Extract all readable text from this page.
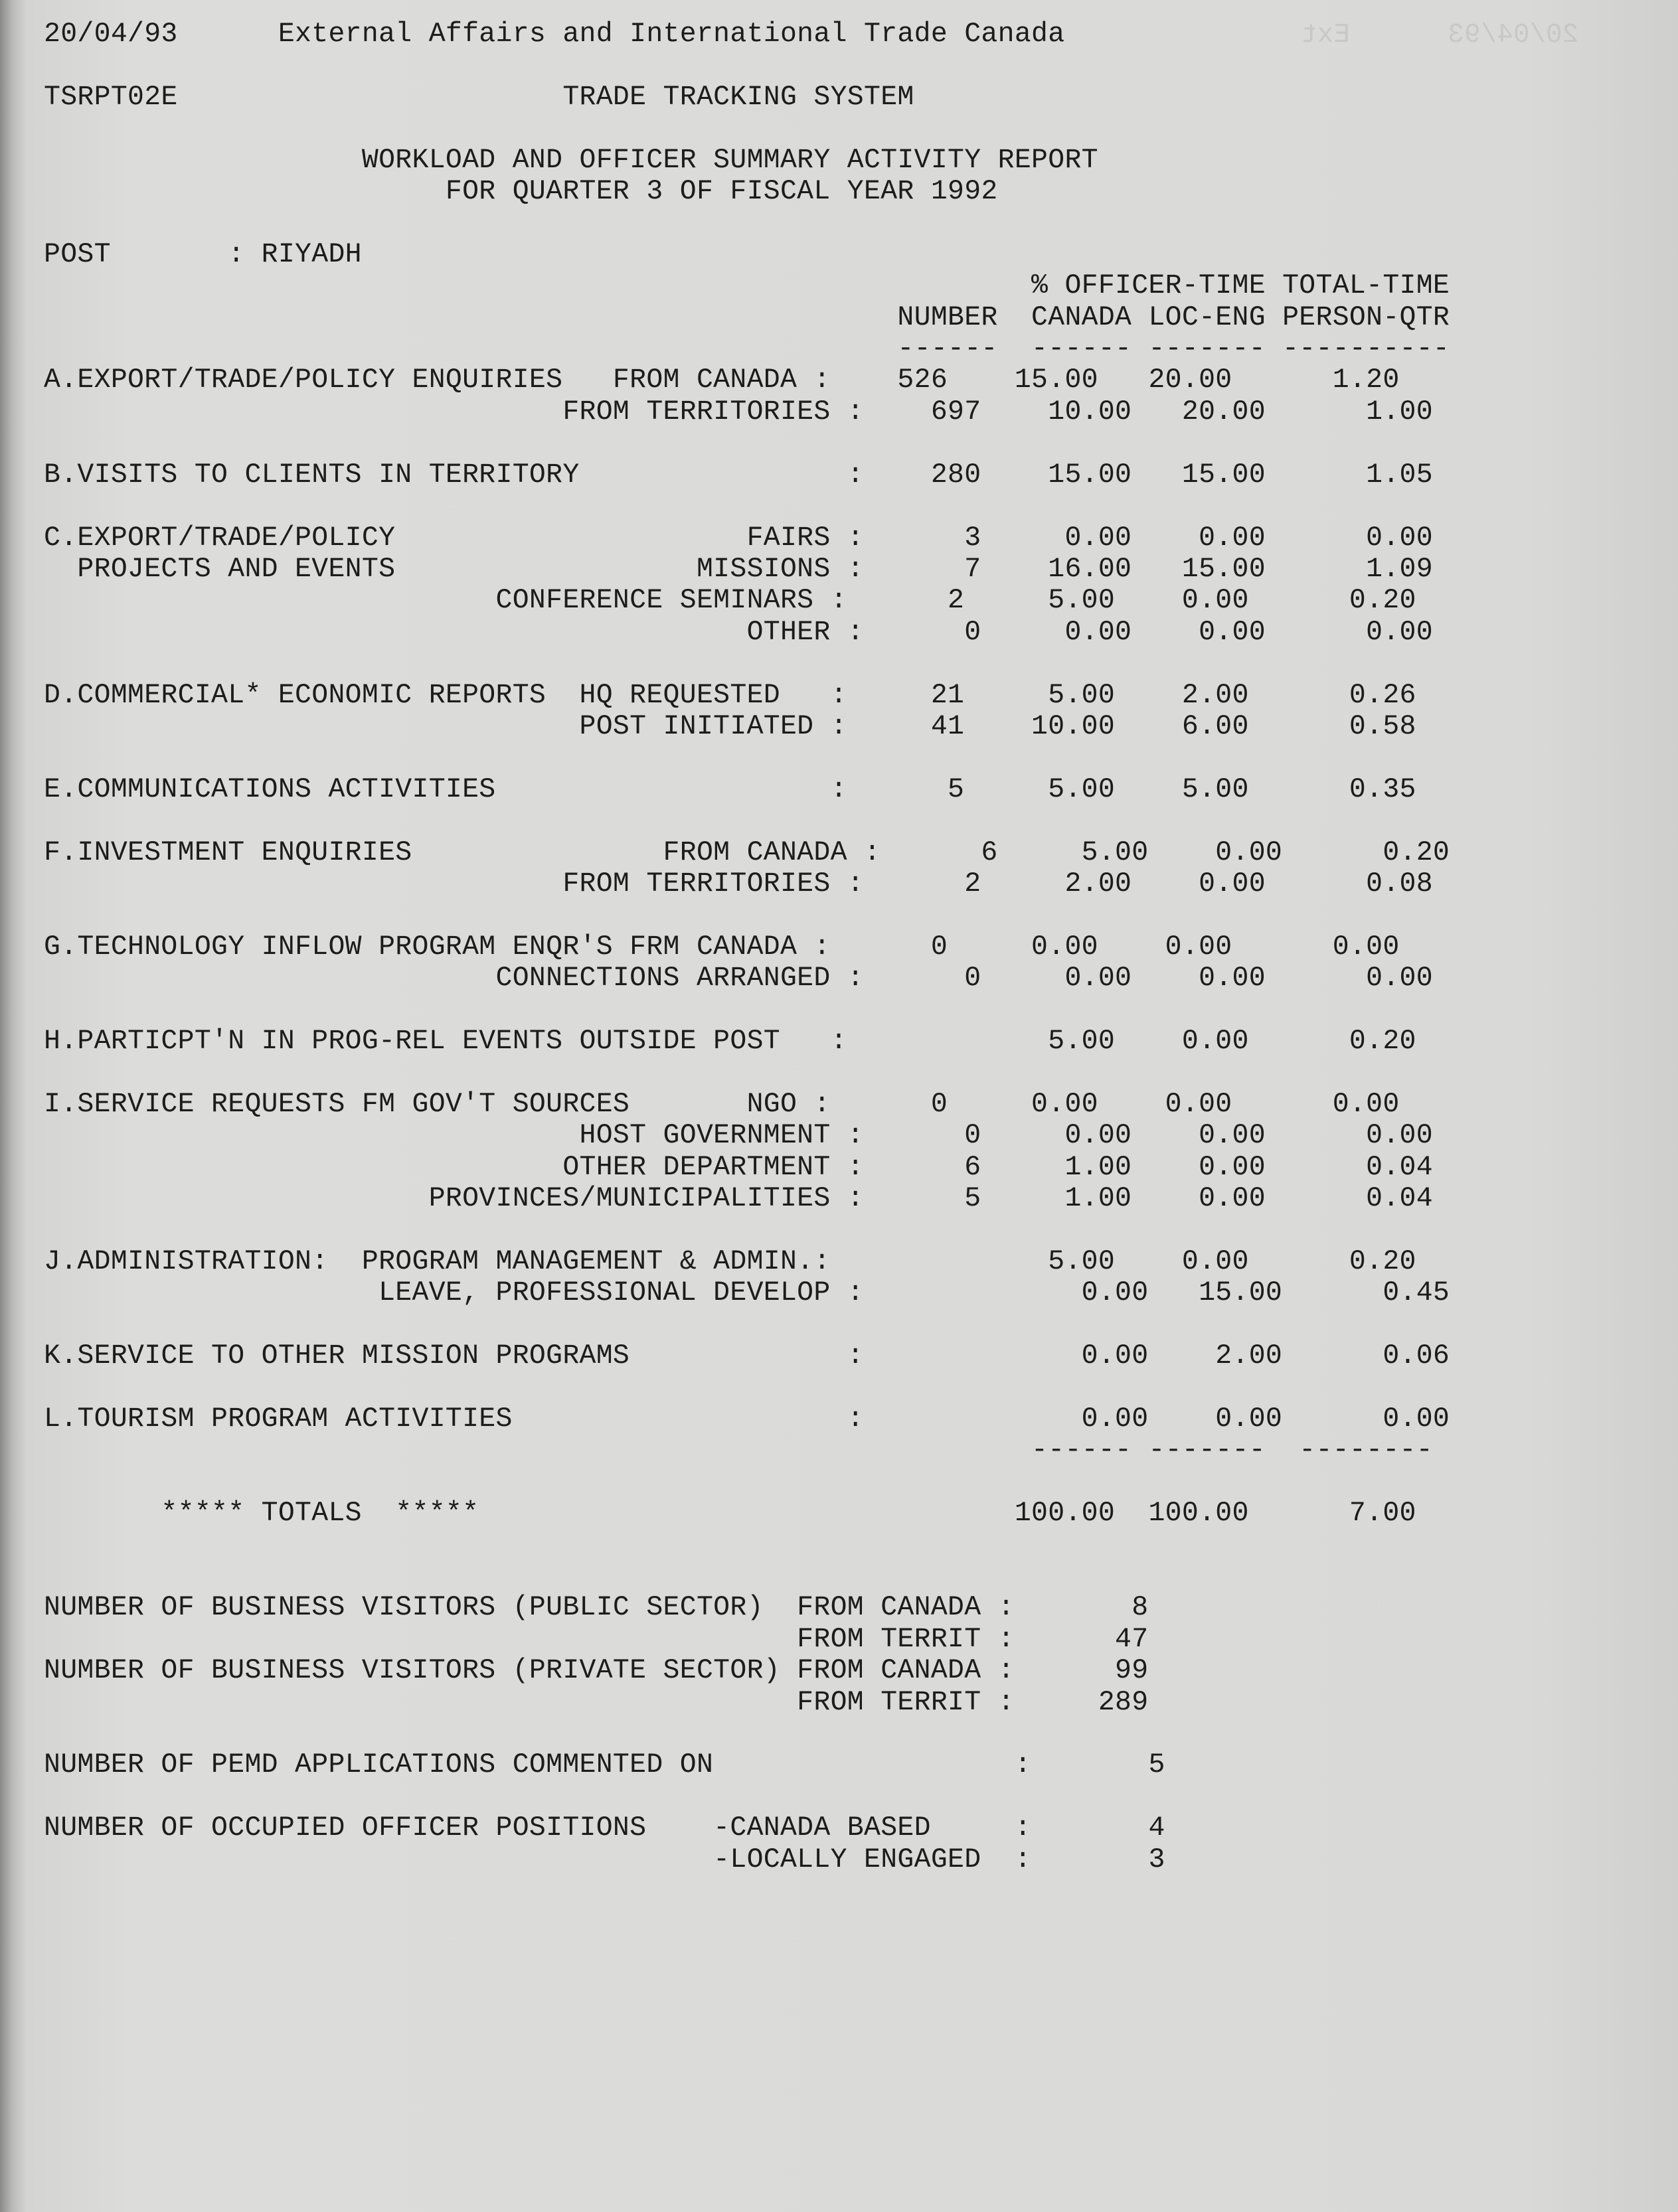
20/04/93      Ext
20/04/93      External Affairs and International Trade Canada

TSRPT02E                       TRADE TRACKING SYSTEM

WORKLOAD AND OFFICER SUMMARY ACTIVITY REPORT
FOR QUARTER 3 OF FISCAL YEAR 1992

POST       : RIYADH
% OFFICER-TIME TOTAL-TIME
NUMBER  CANADA LOC-ENG PERSON-QTR
------  ------ ------- ----------
A.EXPORT/TRADE/POLICY ENQUIRIES   FROM CANADA :    526    15.00   20.00      1.20
FROM TERRITORIES :    697    10.00   20.00      1.00

B.VISITS TO CLIENTS IN TERRITORY                :    280    15.00   15.00      1.05

C.EXPORT/TRADE/POLICY                     FAIRS :      3     0.00    0.00      0.00
PROJECTS AND EVENTS                  MISSIONS :      7    16.00   15.00      1.09
CONFERENCE SEMINARS :      2     5.00    0.00      0.20
OTHER :      0     0.00    0.00      0.00

D.COMMERCIAL* ECONOMIC REPORTS  HQ REQUESTED   :     21     5.00    2.00      0.26
POST INITIATED :     41    10.00    6.00      0.58

E.COMMUNICATIONS ACTIVITIES                    :      5     5.00    5.00      0.35

F.INVESTMENT ENQUIRIES               FROM CANADA :      6     5.00    0.00      0.20
FROM TERRITORIES :      2     2.00    0.00      0.08

G.TECHNOLOGY INFLOW PROGRAM ENQR'S FRM CANADA :      0     0.00    0.00      0.00
CONNECTIONS ARRANGED :      0     0.00    0.00      0.00

H.PARTICPT'N IN PROG-REL EVENTS OUTSIDE POST   :            5.00    0.00      0.20

I.SERVICE REQUESTS FM GOV'T SOURCES       NGO :      0     0.00    0.00      0.00
HOST GOVERNMENT :      0     0.00    0.00      0.00
OTHER DEPARTMENT :      6     1.00    0.00      0.04
PROVINCES/MUNICIPALITIES :      5     1.00    0.00      0.04

J.ADMINISTRATION:  PROGRAM MANAGEMENT & ADMIN.:             5.00    0.00      0.20
LEAVE, PROFESSIONAL DEVELOP :             0.00   15.00      0.45

K.SERVICE TO OTHER MISSION PROGRAMS             :             0.00    2.00      0.06

L.TOURISM PROGRAM ACTIVITIES                    :             0.00    0.00      0.00
------ -------  --------

***** TOTALS  *****                                100.00  100.00      7.00

NUMBER OF BUSINESS VISITORS (PUBLIC SECTOR)  FROM CANADA :       8
FROM TERRIT :      47
NUMBER OF BUSINESS VISITORS (PRIVATE SECTOR) FROM CANADA :      99
FROM TERRIT :     289

NUMBER OF PEMD APPLICATIONS COMMENTED ON                  :       5

NUMBER OF OCCUPIED OFFICER POSITIONS    -CANADA BASED     :       4
-LOCALLY ENGAGED  :       3
